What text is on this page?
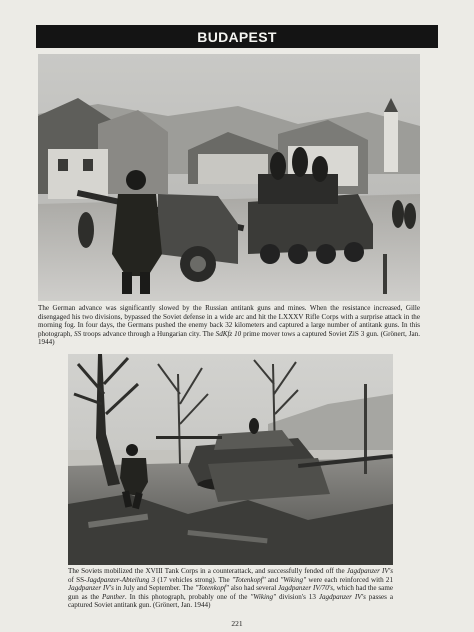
BUDAPEST

The German advance was significantly slowed by the Russian antitank guns and mines. When the resistance increased, Gille disengaged his two divisions, bypassed the Soviet defense in a wide arc and hit the LXXXV Rifle Corps with a surprise attack in the morning fog. In four days, the Germans pushed the enemy back 32 kilometers and captured a large number of antitank guns. In this photograph, SS troops advance through a Hungarian city. The SdKfz 10 prime mover tows a captured Soviet ZiS 3 gun. (Grönert, Jan. 1944)

The Soviets mobilized the XVIII Tank Corps in a counterattack, and successfully fended off the Jagdpanzer IV's of SS-Jagdpanzer-Abteilung 3 (17 vehicles strong). The "Totenkopf" and "Wiking" were each reinforced with 21 Jagdpanzer IV's in July and September. The "Totenkopf" also had several Jagdpanzer IV/70's, which had the same gun as the Panther. In this photograph, probably one of the "Wiking" division's 13 Jagdpanzer IV's passes a captured Soviet antitank gun. (Grönert, Jan. 1944)

221
